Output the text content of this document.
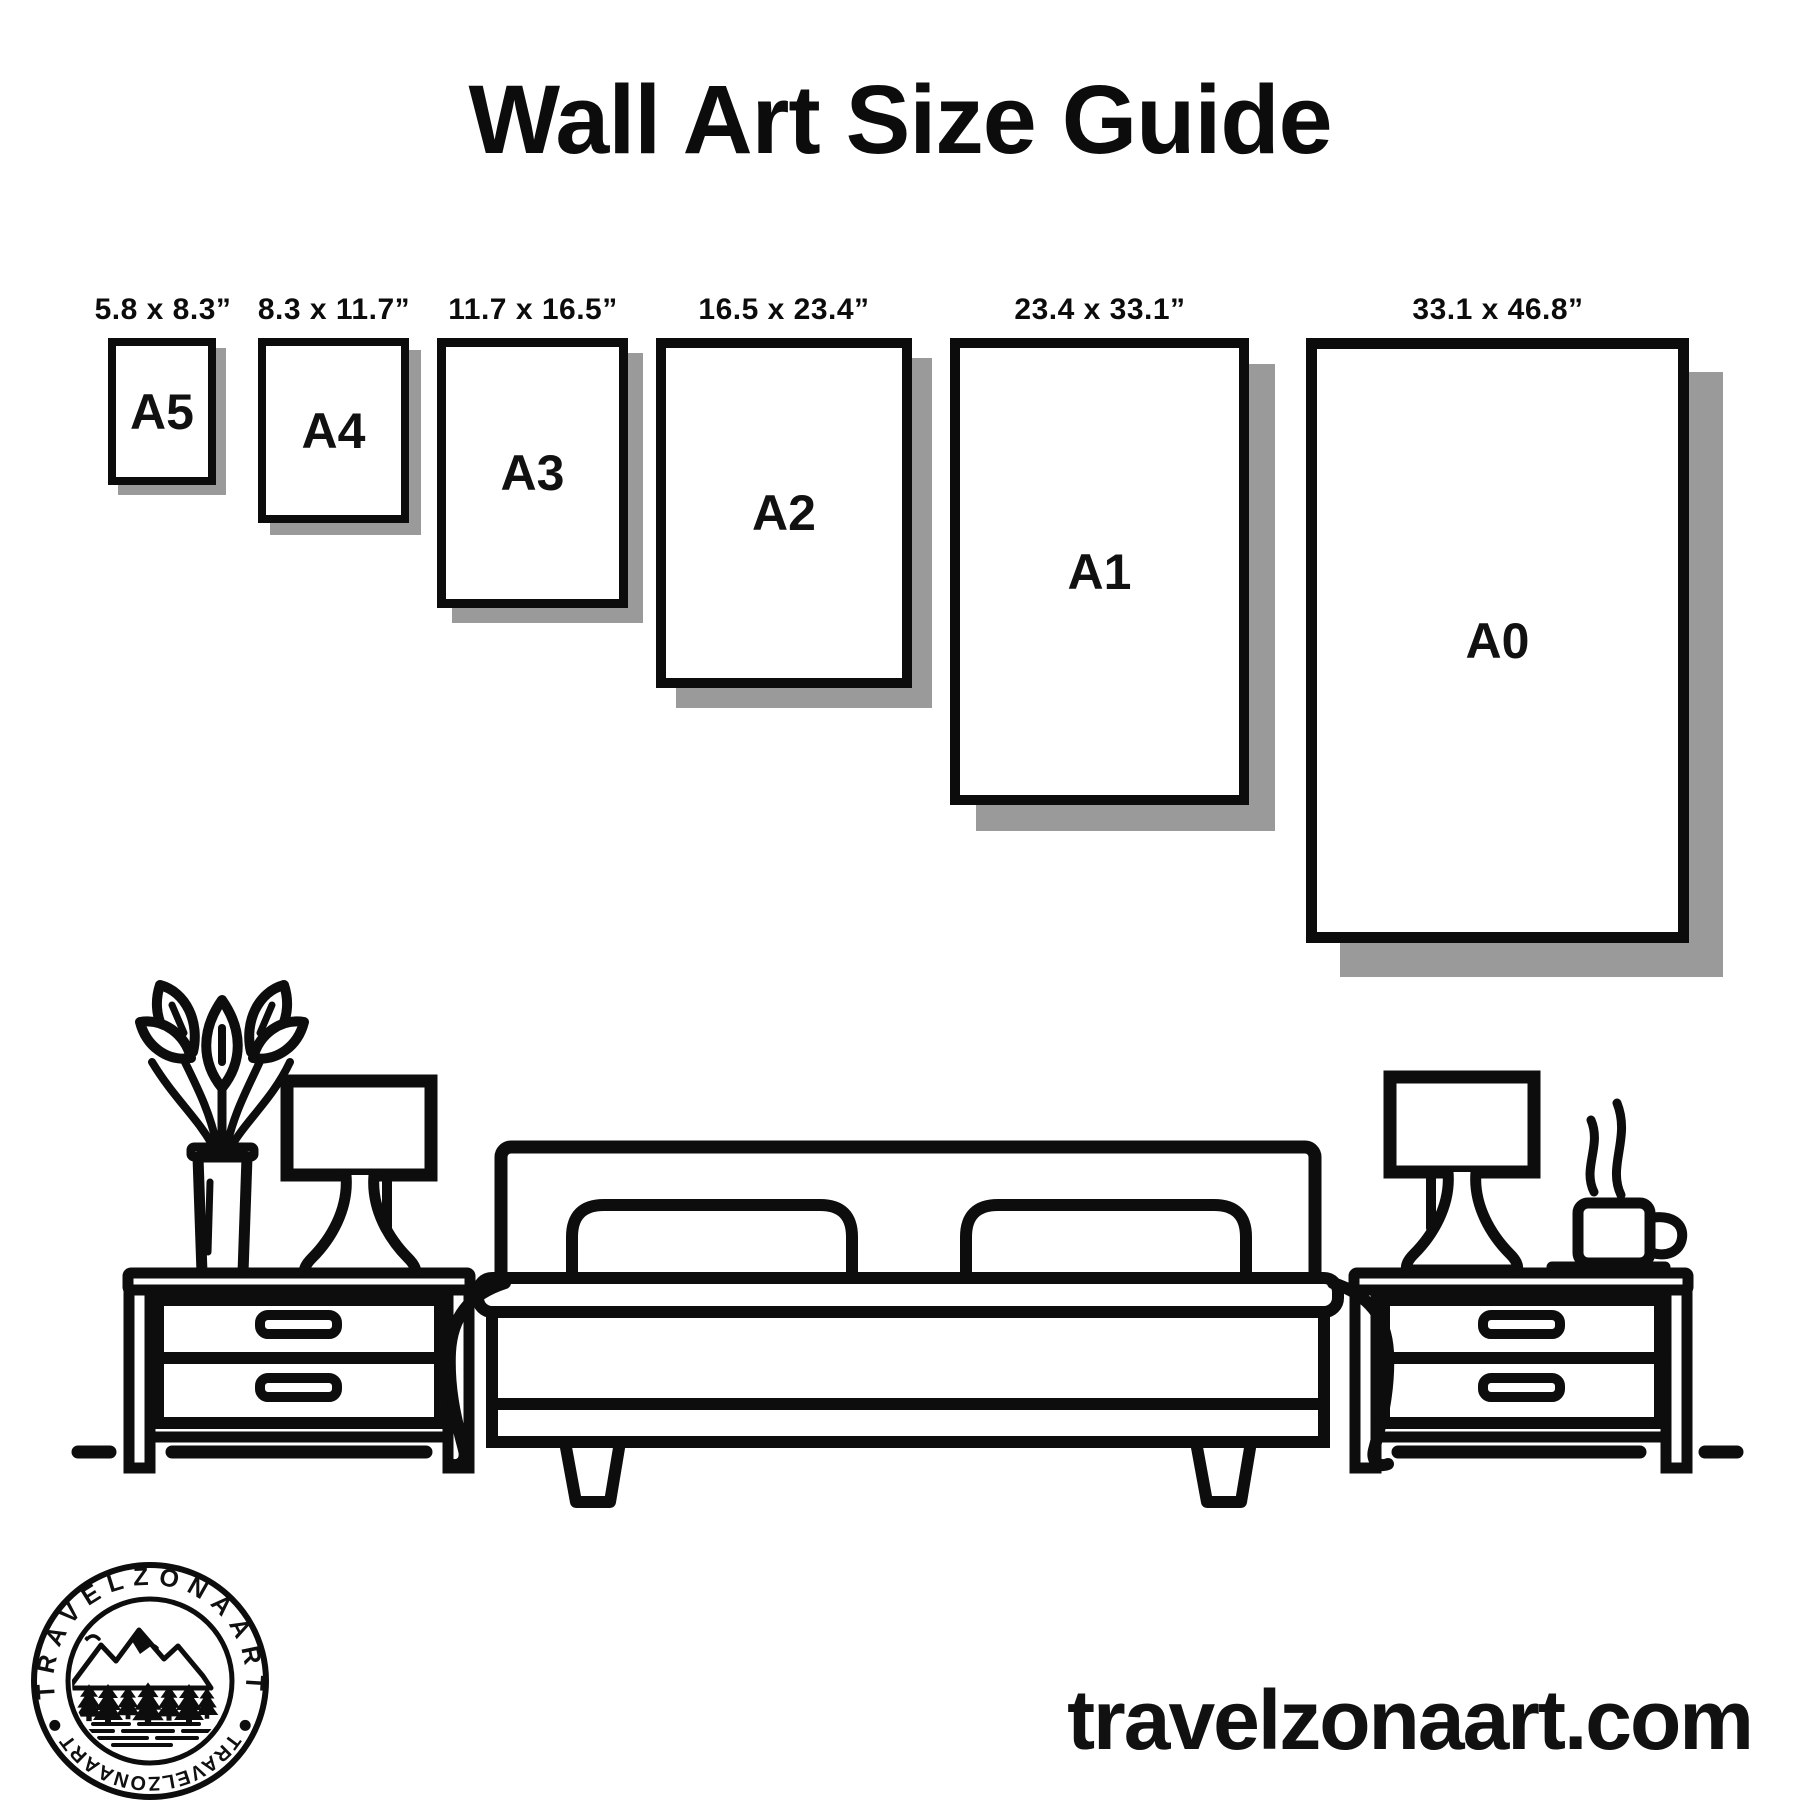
Wall Art Size Guide
5.8 x 8.3” 8.3 x 11.7”	11.7 x 16.5”	16.5 x 23.4”	23.4 x 33.1”	33.1 x 46.8”
A5 A4
A3
A2
A1
A0
TRAVELZONAART
TRAVELZONAART	travelzonaart.com
